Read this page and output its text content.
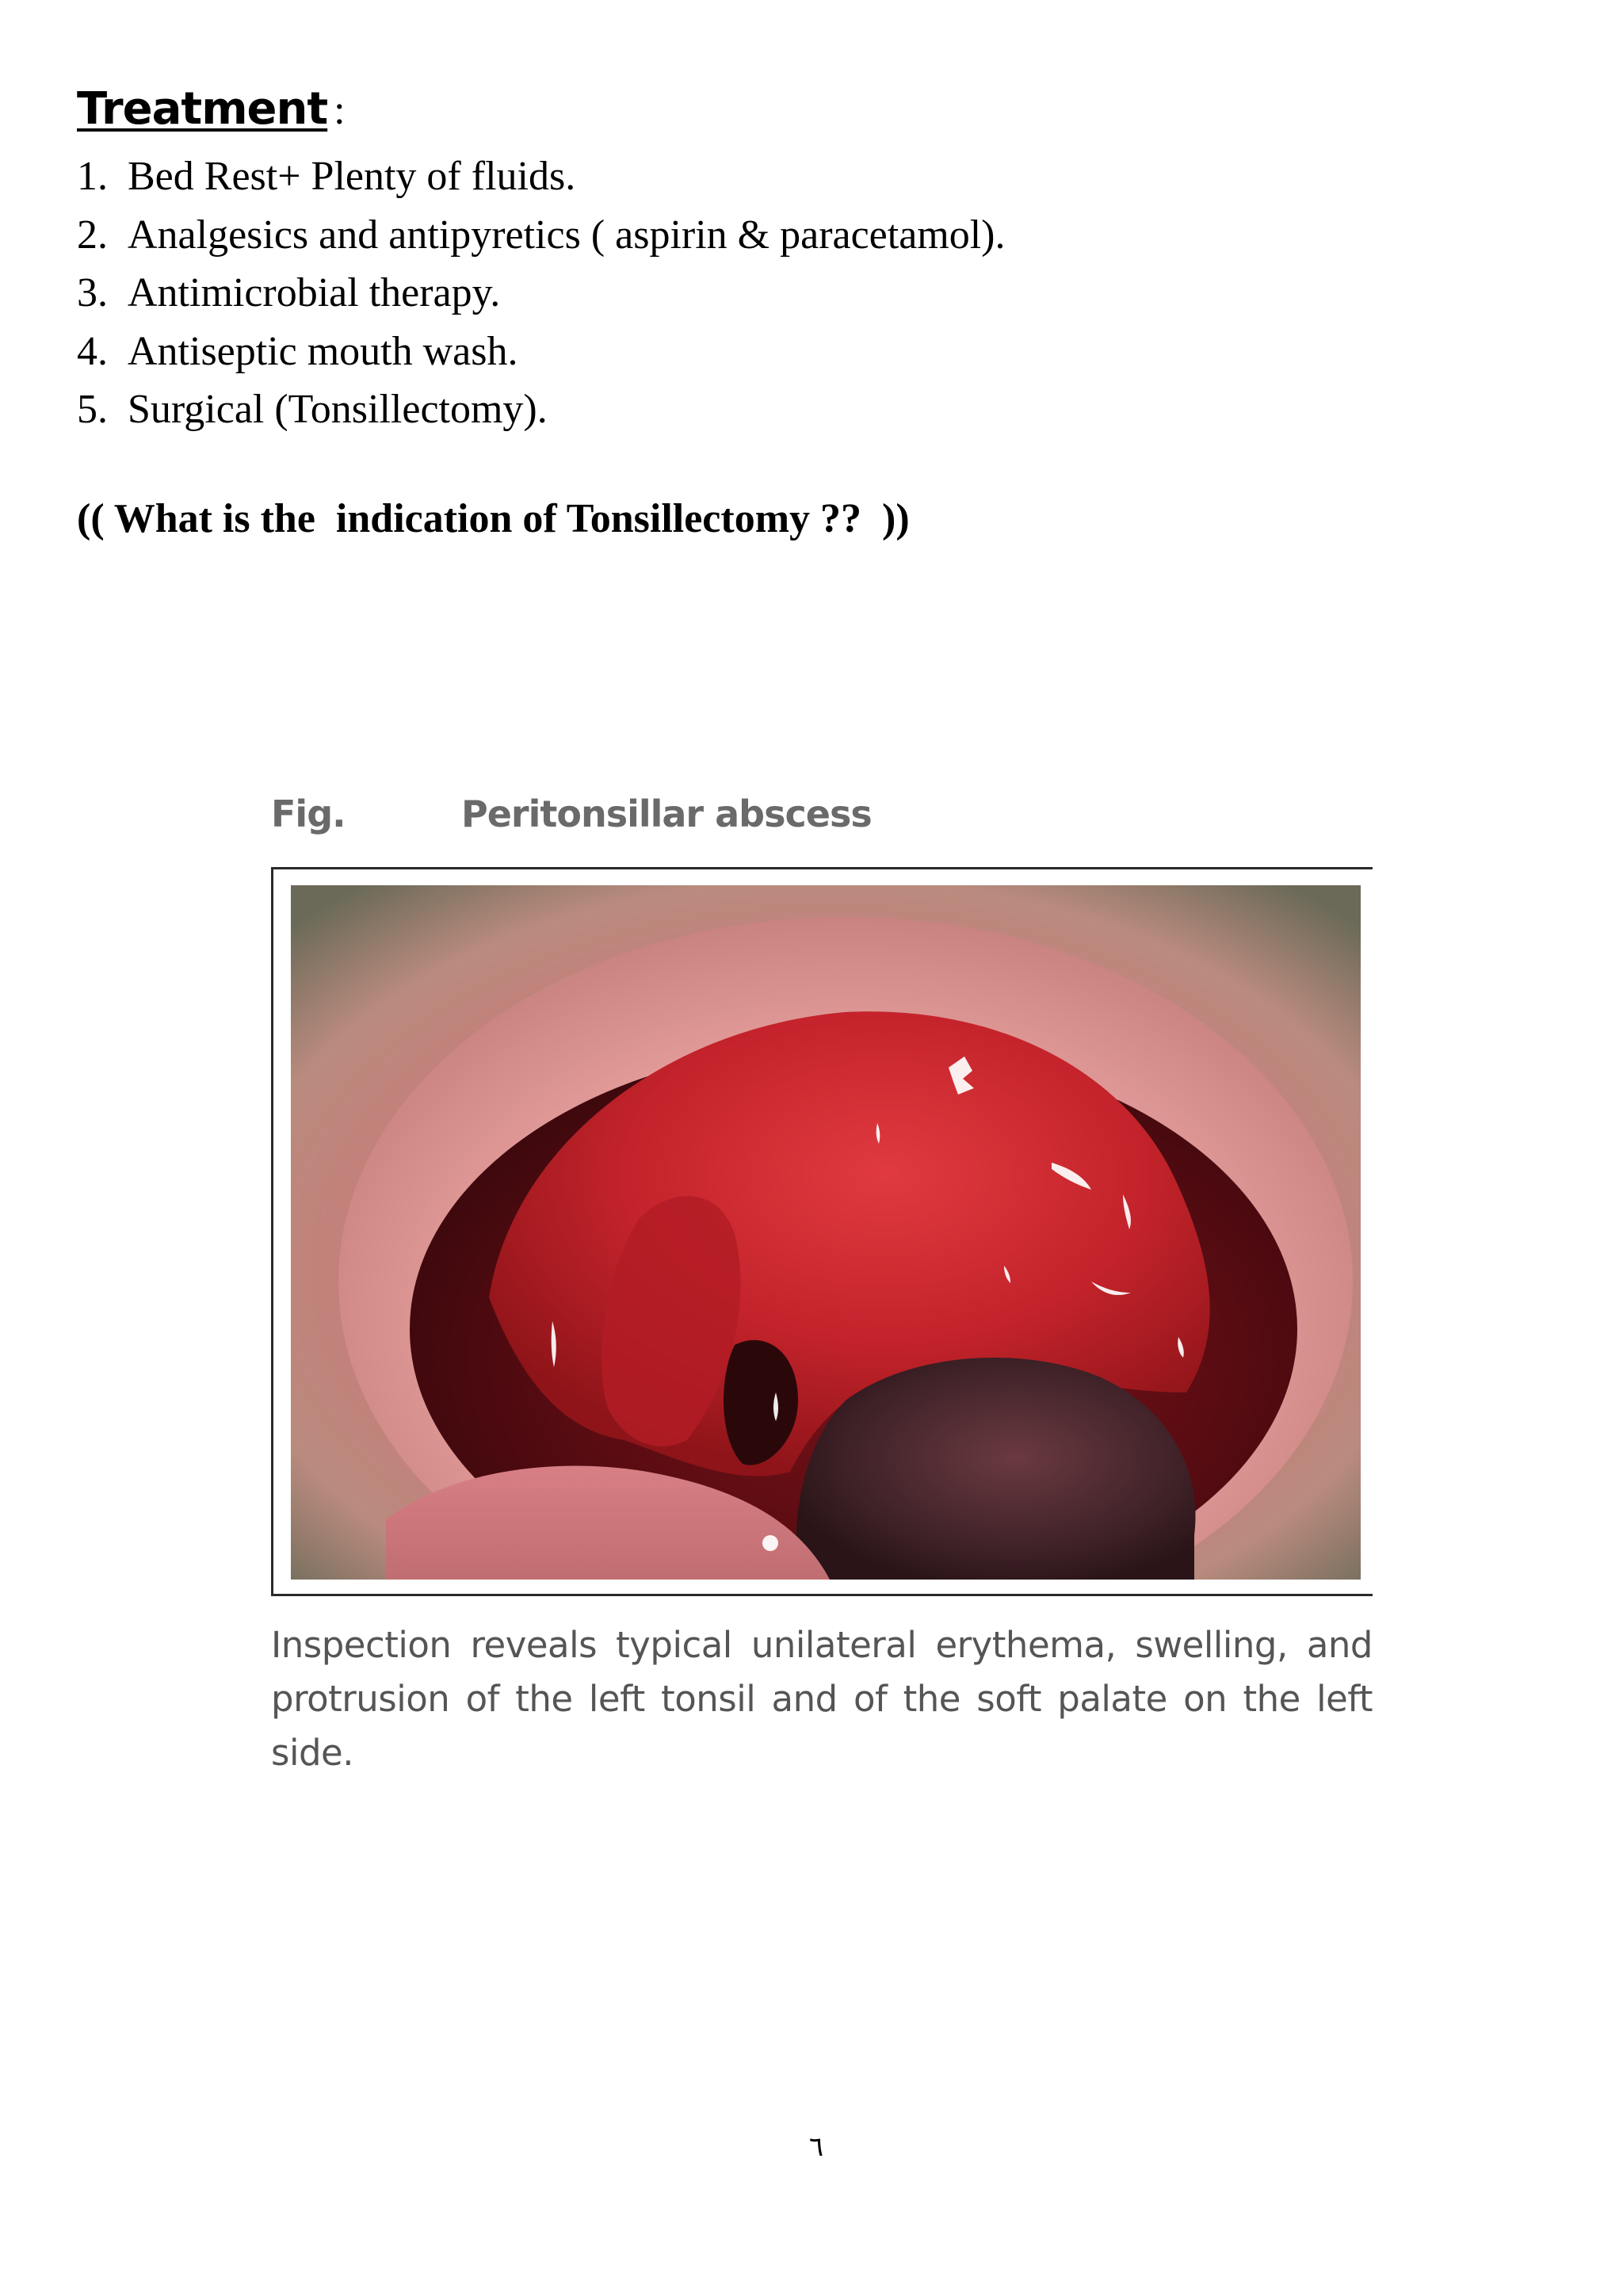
Treatment :
1. Bed Rest+ Plenty of fluids.
2. Analgesics and antipyretics ( aspirin & paracetamol).
3. Antimicrobial therapy.
4. Antiseptic mouth wash.
5. Surgical (Tonsillectomy).
(( What is the  indication of Tonsillectomy ??  ))
Fig.	Peritonsillar abscess
Inspection reveals typical unilateral erythema, swelling, and protrusion of the left tonsil and of the soft palate on the left side.
٦
